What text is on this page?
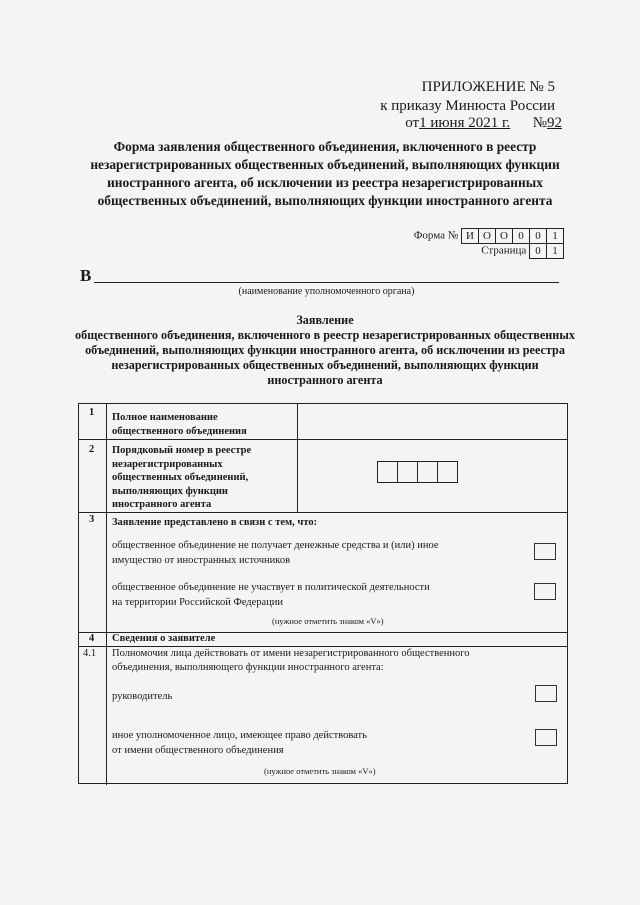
ПРИЛОЖЕНИЕ № 5
к приказу Минюста России
от1 июня 2021 г. №92
Форма заявления общественного объединения, включенного в реестр незарегистрированных общественных объединений, выполняющих функции иностранного агента, об исключении из реестра незарегистрированных общественных объединений, выполняющих функции иностранного агента
Форма № И О О 0	0	1
Страница 0	1
В
(наименование уполномоченного органа)
Заявление
общественного объединения, включенного в реестр незарегистрированных общественных объединений, выполняющих функции иностранного агента, об исключении из реестра незарегистрированных общественных объединений, выполняющих функции иностранного агента
1 Полное наименование общественного объединения
2 Порядковый номер в реестре незарегистрированных общественных объединений, выполняющих функции иностранного агента
3 Заявление представлено в связи с тем, что:
общественное объединение не получает денежные средства и (или) иное
имущество от иностранных источников
общественное объединение не участвует в политической деятельности
на территории Российской Федерации
(нужное отметить знаком «V»)
4 Сведения о заявителе
4.1 Полномочия лица действовать от имени незарегистрированного общественного
объединения, выполняющего функции иностранного агента:
руководитель
иное уполномоченное лицо, имеющее право действовать
от имени общественного объединения
(нужное отметить знаком «V»)
